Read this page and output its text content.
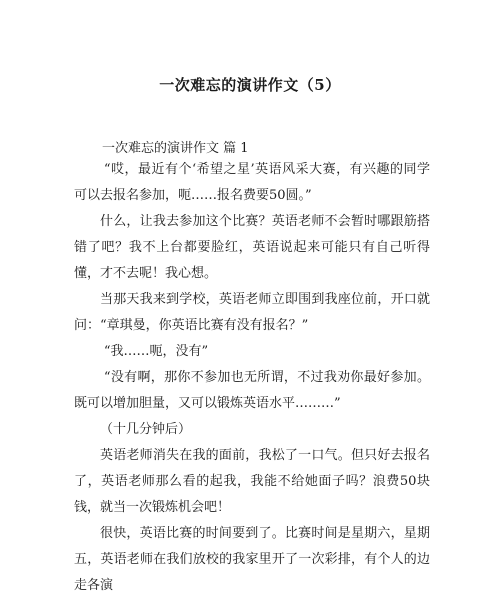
一次难忘的演讲作文（5）
一次难忘的演讲作文 篇 1

“哎，最近有个‘希望之星’英语风采大赛，有兴趣的同学可以去报名参加，呃……报名费要50圆。”

什么，让我去参加这个比赛？英语老师不会暂时哪跟筋搭错了吧？我不上台都要脸红，英语说起来可能只有自己听得懂，才不去呢！我心想。

当那天我来到学校，英语老师立即围到我座位前，开口就问：“章琪曼，你英语比赛有没有报名？”

“我……呃，没有”

“没有啊，那你不参加也无所谓，不过我劝你最好参加。既可以增加胆量，又可以锻炼英语水平………”

（十几分钟后）

英语老师消失在我的面前，我松了一口气。但只好去报名了，英语老师那么看的起我，我能不给她面子吗？浪费50块钱，就当一次锻炼机会吧！

很快，英语比赛的时间要到了。比赛时间是星期六，星期五，英语老师在我们放校的我家里开了一次彩排，有个人的边走各演
